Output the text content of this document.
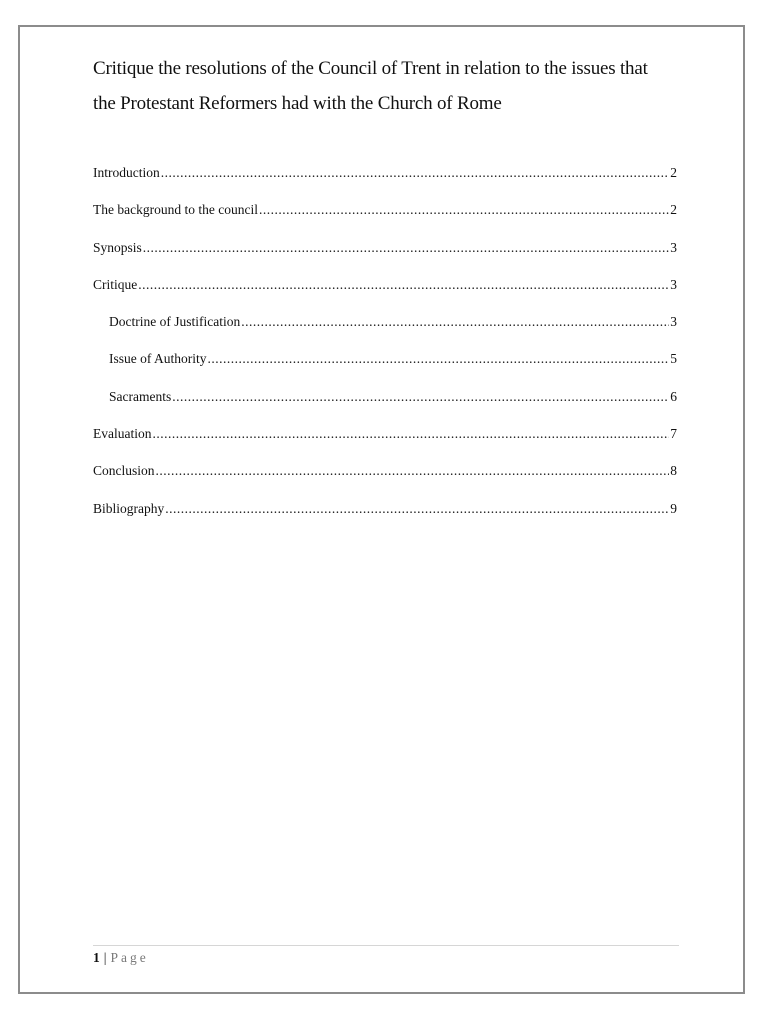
Critique the resolutions of the Council of Trent in relation to the issues that
the Protestant Reformers had with the Church of Rome
Introduction .....	2
The background to the council .....	2
Synopsis .....	3
Critique .....	3
Doctrine of Justification .....	3
Issue of Authority .....	5
Sacraments .....	6
Evaluation .....	7
Conclusion .....	8
Bibliography .....	9
1 | Page
